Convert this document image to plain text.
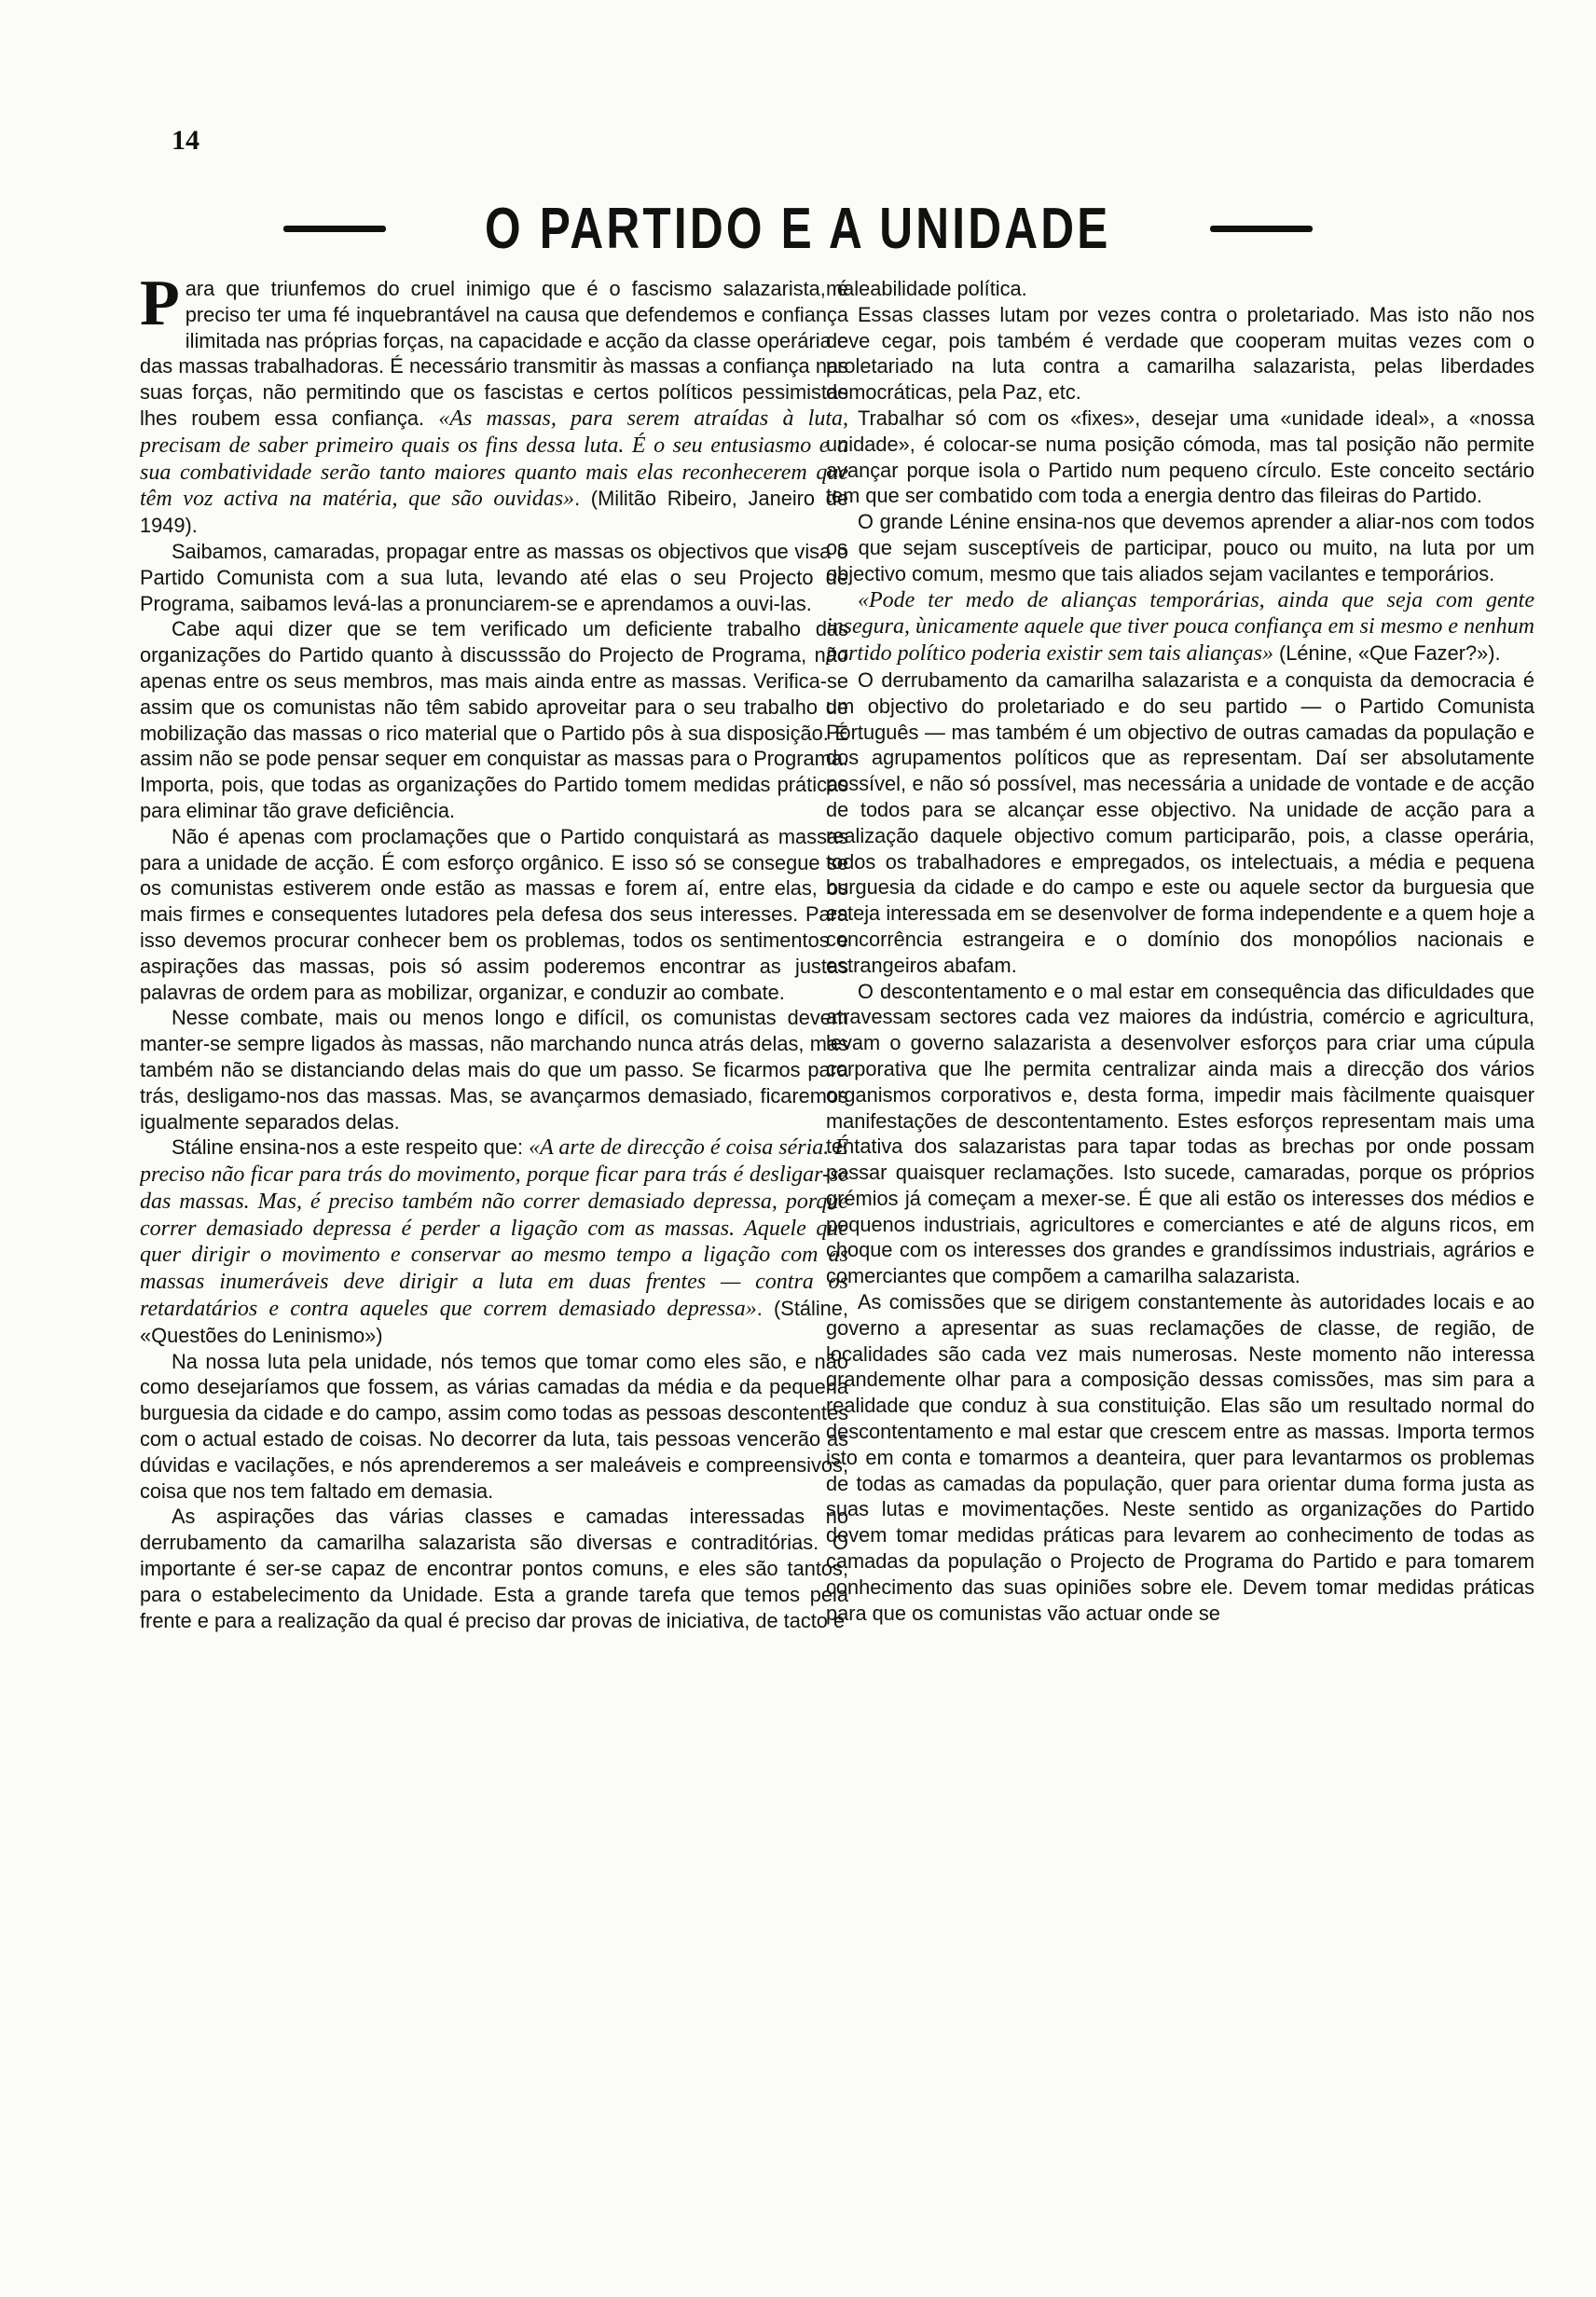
14
O PARTIDO E A UNIDADE

Para que triunfemos do cruel inimigo que é o fascismo salazarista, é preciso ter uma fé inquebrantável na causa que defendemos e confiança ilimitada nas próprias forças, na capacidade e acção da classe operária e das massas trabalhadoras. É necessário transmitir às massas a confiança nas suas forças, não permitindo que os fascistas e certos políticos pessimistas lhes roubem essa confiança. «As massas, para serem atraídas à luta, precisam de saber primeiro quais os fins dessa luta. É o seu entusiasmo e a sua combatividade serão tanto maiores quanto mais elas reconhecerem que têm voz activa na matéria, que são ouvidas». (Militão Ribeiro, Janeiro de 1949).

Saibamos, camaradas, propagar entre as massas os objectivos que visa o Partido Comunista com a sua luta, levando até elas o seu Projecto de Programa, saibamos levá-las a pronunciarem-se e aprendamos a ouvi-las.

Cabe aqui dizer que se tem verificado um deficiente trabalho das organizações do Partido quanto à discusssão do Projecto de Programa, não apenas entre os seus membros, mas mais ainda entre as massas. Verifica-se assim que os comunistas não têm sabido aproveitar para o seu trabalho de mobilização das massas o rico material que o Partido pôs à sua disposição. É assim não se pode pensar sequer em conquistar as massas para o Programa. Importa, pois, que todas as organizações do Partido tomem medidas práticas para eliminar tão grave deficiência.

Não é apenas com proclamações que o Partido conquistará as massas para a unidade de acção. É com esforço orgânico. E isso só se consegue se os comunistas estiverem onde estão as massas e forem aí, entre elas, os mais firmes e consequentes lutadores pela defesa dos seus interesses. Para isso devemos procurar conhecer bem os problemas, todos os sentimentos e aspirações das massas, pois só assim poderemos encontrar as justas palavras de ordem para as mobilizar, organizar, e conduzir ao combate.

Nesse combate, mais ou menos longo e difícil, os comunistas devem manter-se sempre ligados às massas, não marchando nunca atrás delas, mas também não se distanciando delas mais do que um passo. Se ficarmos para trás, desligamo-nos das massas. Mas, se avançarmos demasiado, ficaremos igualmente separados delas.

Stáline ensina-nos a este respeito que: «A arte de direcção é coisa séria. É preciso não ficar para trás do movimento, porque ficar para trás é desligar-se das massas. Mas, é preciso também não correr demasiado depressa, porque correr demasiado depressa é perder a ligação com as massas. Aquele que quer dirigir o movimento e conservar ao mesmo tempo a ligação com as massas inumeráveis deve dirigir a luta em duas frentes — contra os retardatários e contra aqueles que correm demasiado depressa». (Stáline, «Questões do Leninismo»)

Na nossa luta pela unidade, nós temos que tomar como eles são, e não como desejaríamos que fossem, as várias camadas da média e da pequena burguesia da cidade e do campo, assim como todas as pessoas descontentes com o actual estado de coisas. No decorrer da luta, tais pessoas vencerão as dúvidas e vacilações, e nós aprenderemos a ser maleáveis e compreensivos, coisa que nos tem faltado em demasia.

As aspirações das várias classes e camadas interessadas no derrubamento da camarilha salazarista são diversas e contraditórias. O importante é ser-se capaz de encontrar pontos comuns, e eles são tantos, para o estabelecimento da Unidade. Esta a grande tarefa que temos pela frente e para a realização da qual é preciso dar provas de iniciativa, de tacto e

maleabilidade política.

Essas classes lutam por vezes contra o proletariado. Mas isto não nos deve cegar, pois também é verdade que cooperam muitas vezes com o proletariado na luta contra a camarilha salazarista, pelas liberdades democráticas, pela Paz, etc.

Trabalhar só com os «fixes», desejar uma «unidade ideal», a «nossa unidade», é colocar-se numa posição cómoda, mas tal posição não permite avançar porque isola o Partido num pequeno círculo. Este conceito sectário tem que ser combatido com toda a energia dentro das fileiras do Partido.

O grande Lénine ensina-nos que devemos aprender a aliar-nos com todos os que sejam susceptíveis de participar, pouco ou muito, na luta por um objectivo comum, mesmo que tais aliados sejam vacilantes e temporários.

«Pode ter medo de alianças temporárias, ainda que seja com gente insegura, ùnicamente aquele que tiver pouca confiança em si mesmo e nenhum partido político poderia existir sem tais alianças» (Lénine, «Que Fazer?»).

O derrubamento da camarilha salazarista e a conquista da democracia é um objectivo do proletariado e do seu partido — o Partido Comunista Português — mas também é um objectivo de outras camadas da população e dos agrupamentos políticos que as representam. Daí ser absolutamente possível, e não só possível, mas necessária a unidade de vontade e de acção de todos para se alcançar esse objectivo. Na unidade de acção para a realização daquele objectivo comum participarão, pois, a classe operária, todos os trabalhadores e empregados, os intelectuais, a média e pequena burguesia da cidade e do campo e este ou aquele sector da burguesia que esteja interessada em se desenvolver de forma independente e a quem hoje a concorrência estrangeira e o domínio dos monopólios nacionais e estrangeiros abafam.

O descontentamento e o mal estar em consequência das dificuldades que atravessam sectores cada vez maiores da indústria, comércio e agricultura, levam o governo salazarista a desenvolver esforços para criar uma cúpula corporativa que lhe permita centralizar ainda mais a direcção dos vários organismos corporativos e, desta forma, impedir mais fàcilmente quaisquer manifestações de descontentamento. Estes esforços representam mais uma tentativa dos salazaristas para tapar todas as brechas por onde possam passar quaisquer reclamações. Isto sucede, camaradas, porque os próprios grémios já começam a mexer-se. É que ali estão os interesses dos médios e pequenos industriais, agricultores e comerciantes e até de alguns ricos, em choque com os interesses dos grandes e grandíssimos industriais, agrários e comerciantes que compõem a camarilha salazarista.

As comissões que se dirigem constantemente às autoridades locais e ao governo a apresentar as suas reclamações de classe, de região, de localidades são cada vez mais numerosas. Neste momento não interessa grandemente olhar para a composição dessas comissões, mas sim para a realidade que conduz à sua constituição. Elas são um resultado normal do descontentamento e mal estar que crescem entre as massas. Importa termos isto em conta e tomarmos a deanteira, quer para levantarmos os problemas de todas as camadas da população, quer para orientar duma forma justa as suas lutas e movimentações. Neste sentido as organizações do Partido devem tomar medidas práticas para levarem ao conhecimento de todas as camadas da população o Projecto de Programa do Partido e para tomarem conhecimento das suas opiniões sobre ele. Devem tomar medidas práticas para que os comunistas vão actuar onde se
